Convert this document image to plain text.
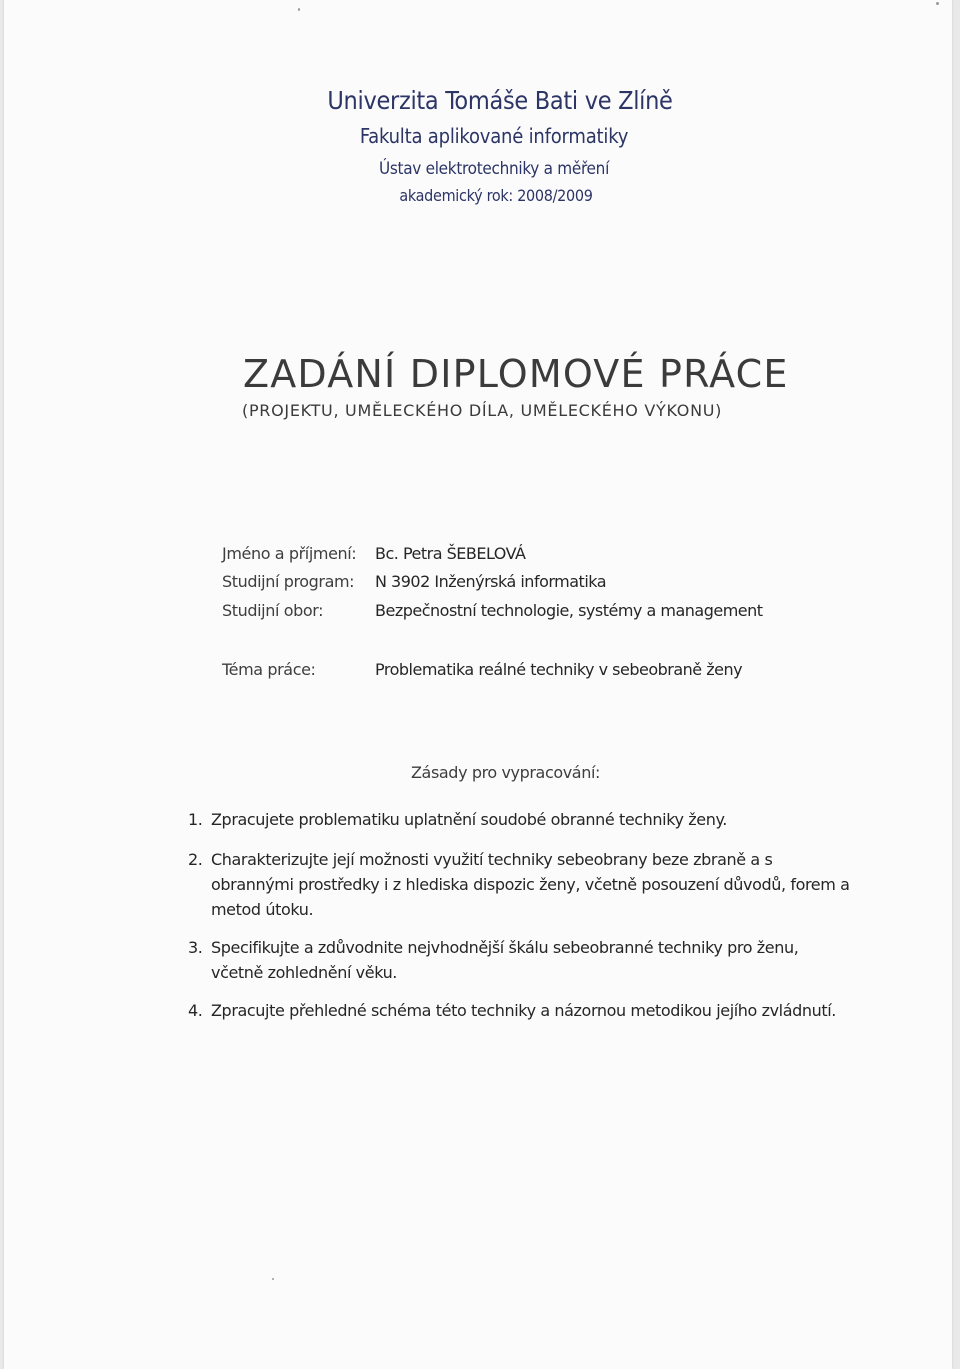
Univerzita Tomáše Bati ve Zlíně
Fakulta aplikované informatiky
Ústav elektrotechniky a měření
akademický rok: 2008/2009
ZADÁNÍ DIPLOMOVÉ PRÁCE
(PROJEKTU, UMĚLECKÉHO DÍLA, UMĚLECKÉHO VÝKONU)
Jméno a příjmení: Bc. Petra ŠEBELOVÁ
Studijní program: N 3902 Inženýrská informatika
Studijní obor:	Bezpečnostní technologie, systémy a management
Téma práce:	Problematika reálné techniky v sebeobraně ženy
Zásady pro vypracování:
1. Zpracujete problematiku uplatnění soudobé obranné techniky ženy.
2. Charakterizujte její možnosti využití techniky sebeobrany beze zbraně a s obrannými prostředky i z hlediska dispozic ženy, včetně posouzení důvodů, forem a metod útoku.
3. Specifikujte a zdůvodnite nejvhodnější škálu sebeobranné techniky pro ženu, včetně zohlednění věku.
4. Zpracujte přehledné schéma této techniky a názornou metodikou jejího zvládnutí.
